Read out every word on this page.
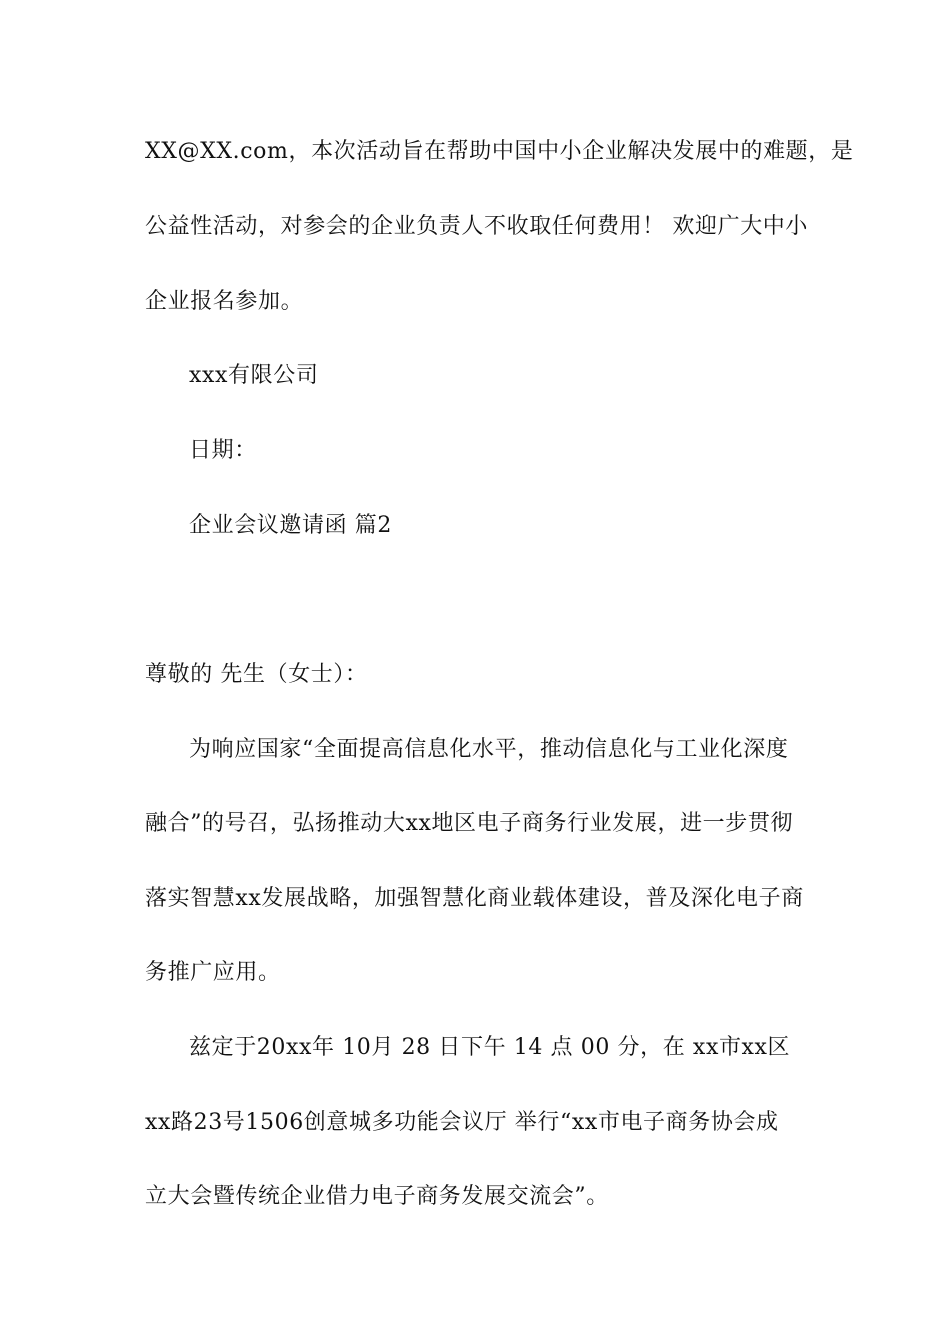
XX@XX.com，本次活动旨在帮助中国中小企业解决发展中的难题，是
公益性活动，对参会的企业负责人不收取任何费用！ 欢迎广大中小
企业报名参加。
xxx有限公司
日期：
企业会议邀请函 篇2
尊敬的 先生（女士）：
为响应国家“全面提高信息化水平，推动信息化与工业化深度
融合”的号召，弘扬推动大xx地区电子商务行业发展，进一步贯彻
落实智慧xx发展战略，加强智慧化商业载体建设，普及深化电子商
务推广应用。
兹定于20xx年 10月 28 日下午 14 点 00 分，在 xx市xx区
xx路23号1506创意城多功能会议厅 举行“xx市电子商务协会成
立大会暨传统企业借力电子商务发展交流会”。
